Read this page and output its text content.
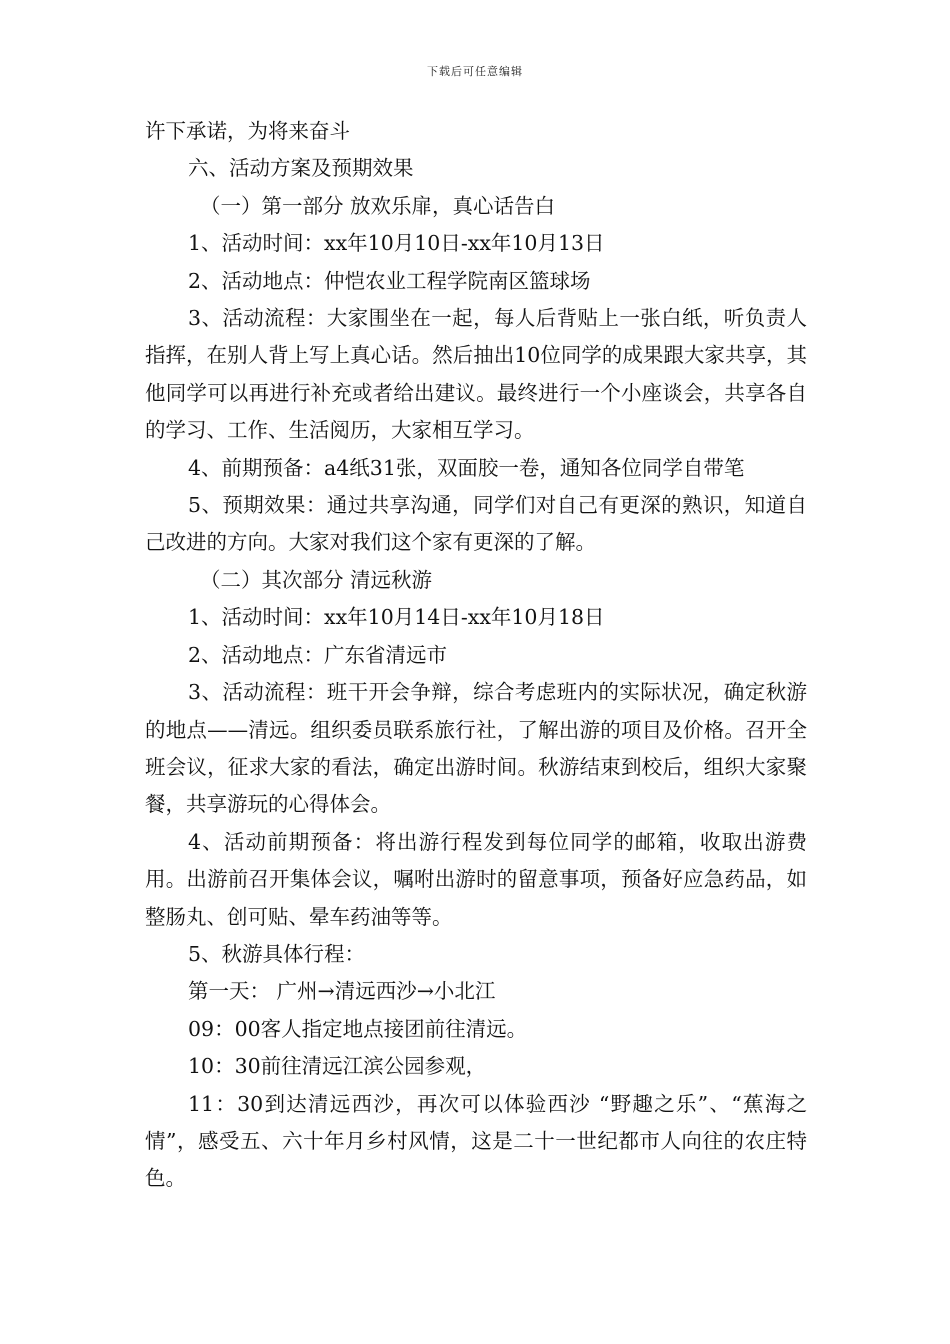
下载后可任意编辑

许下承诺，为将来奋斗

六、活动方案及预期效果

（一）第一部分 放欢乐扉，真心话告白

1、活动时间：xx年10月10日-xx年10月13日

2、活动地点：仲恺农业工程学院南区篮球场

3、活动流程：大家围坐在一起，每人后背贴上一张白纸，听负责人指挥，在别人背上写上真心话。然后抽出10位同学的成果跟大家共享，其他同学可以再进行补充或者给出建议。最终进行一个小座谈会，共享各自的学习、工作、生活阅历，大家相互学习。

4、前期预备：a4纸31张，双面胶一卷，通知各位同学自带笔

5、预期效果：通过共享沟通，同学们对自己有更深的熟识，知道自己改进的方向。大家对我们这个家有更深的了解。

（二）其次部分 清远秋游

1、活动时间：xx年10月14日-xx年10月18日

2、活动地点：广东省清远市

3、活动流程：班干开会争辩，综合考虑班内的实际状况，确定秋游的地点——清远。组织委员联系旅行社，了解出游的项目及价格。召开全班会议，征求大家的看法，确定出游时间。秋游结束到校后，组织大家聚餐，共享游玩的心得体会。

4、活动前期预备：将出游行程发到每位同学的邮箱，收取出游费用。出游前召开集体会议，嘱咐出游时的留意事项，预备好应急药品，如整肠丸、创可贴、晕车药油等等。

5、秋游具体行程：

第一天： 广州→清远西沙→小北江

09：00客人指定地点接团前往清远。

10：30前往清远江滨公园参观，

11：30到达清远西沙，再次可以体验西沙 “野趣之乐”、“蕉海之情”，感受五、六十年月乡村风情，这是二十一世纪都市人向往的农庄特色。
